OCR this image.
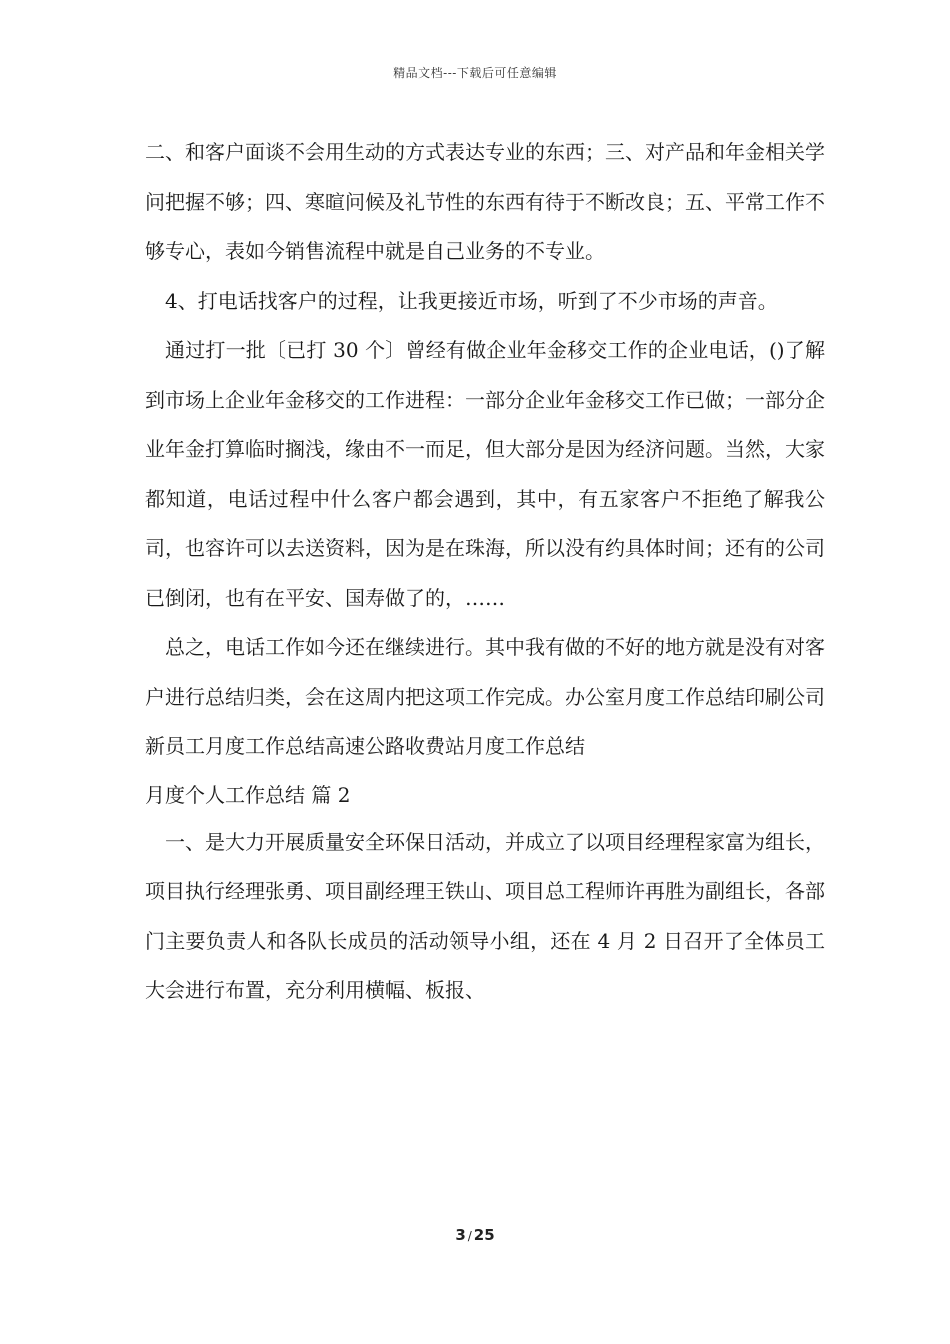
精品文档---下载后可任意编辑

二、和客户面谈不会用生动的方式表达专业的东西；三、对产品和年金相关学问把握不够；四、寒暄问候及礼节性的东西有待于不断改良；五、平常工作不够专心，表如今销售流程中就是自己业务的不专业。

4、打电话找客户的过程，让我更接近市场，听到了不少市场的声音。

通过打一批〔已打 30 个〕曾经有做企业年金移交工作的企业电话，()了解到市场上企业年金移交的工作进程：一部分企业年金移交工作已做；一部分企业年金打算临时搁浅，缘由不一而足，但大部分是因为经济问题。当然，大家都知道，电话过程中什么客户都会遇到，其中，有五家客户不拒绝了解我公司，也容许可以去送资料，因为是在珠海，所以没有约具体时间；还有的公司已倒闭，也有在平安、国寿做了的，……

总之，电话工作如今还在继续进行。其中我有做的不好的地方就是没有对客户进行总结归类，会在这周内把这项工作完成。办公室月度工作总结印刷公司新员工月度工作总结高速公路收费站月度工作总结

月度个人工作总结 篇 2

一、是大力开展质量安全环保日活动，并成立了以项目经理程家富为组长，项目执行经理张勇、项目副经理王铁山、项目总工程师许再胜为副组长，各部门主要负责人和各队长成员的活动领导小组，还在 4 月 2 日召开了全体员工大会进行布置，充分利用横幅、板报、

3 / 25
